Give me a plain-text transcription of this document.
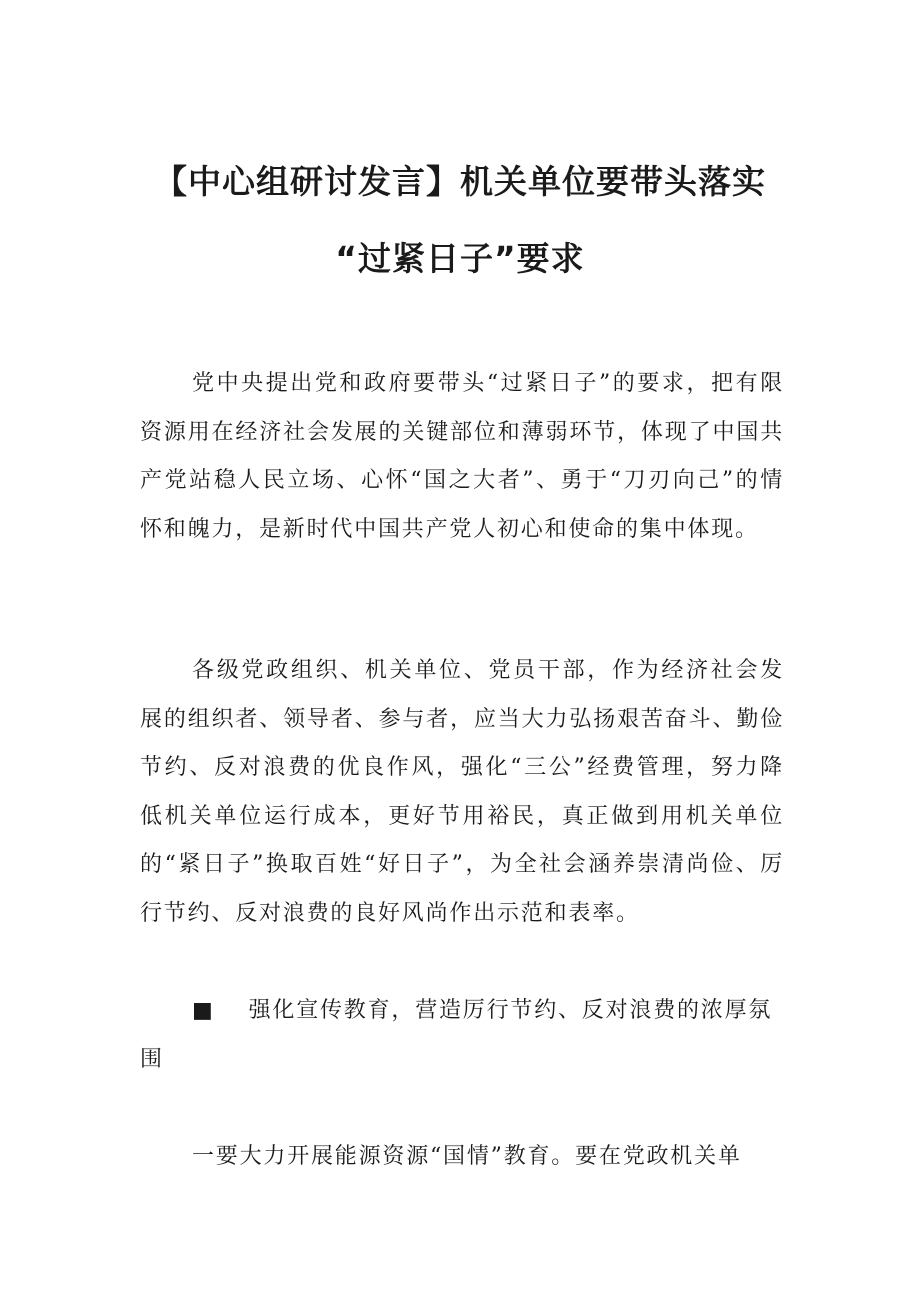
【中心组研讨发言】机关单位要带头落实
“过紧日子”要求

党中央提出党和政府要带头“过紧日子”的要求，把有限资源用在经济社会发展的关键部位和薄弱环节，体现了中国共产党站稳人民立场、心怀“国之大者”、勇于“刀刃向己”的情怀和魄力，是新时代中国共产党人初心和使命的集中体现。

各级党政组织、机关单位、党员干部，作为经济社会发展的组织者、领导者、参与者，应当大力弘扬艰苦奋斗、勤俭节约、反对浪费的优良作风，强化“三公”经费管理，努力降低机关单位运行成本，更好节用裕民，真正做到用机关单位的“紧日子”换取百姓“好日子”，为全社会涵养崇清尚俭、厉行节约、反对浪费的良好风尚作出示范和表率。

■ 强化宣传教育，营造厉行节约、反对浪费的浓厚氛围

一要大力开展能源资源“国情”教育。要在党政机关单
